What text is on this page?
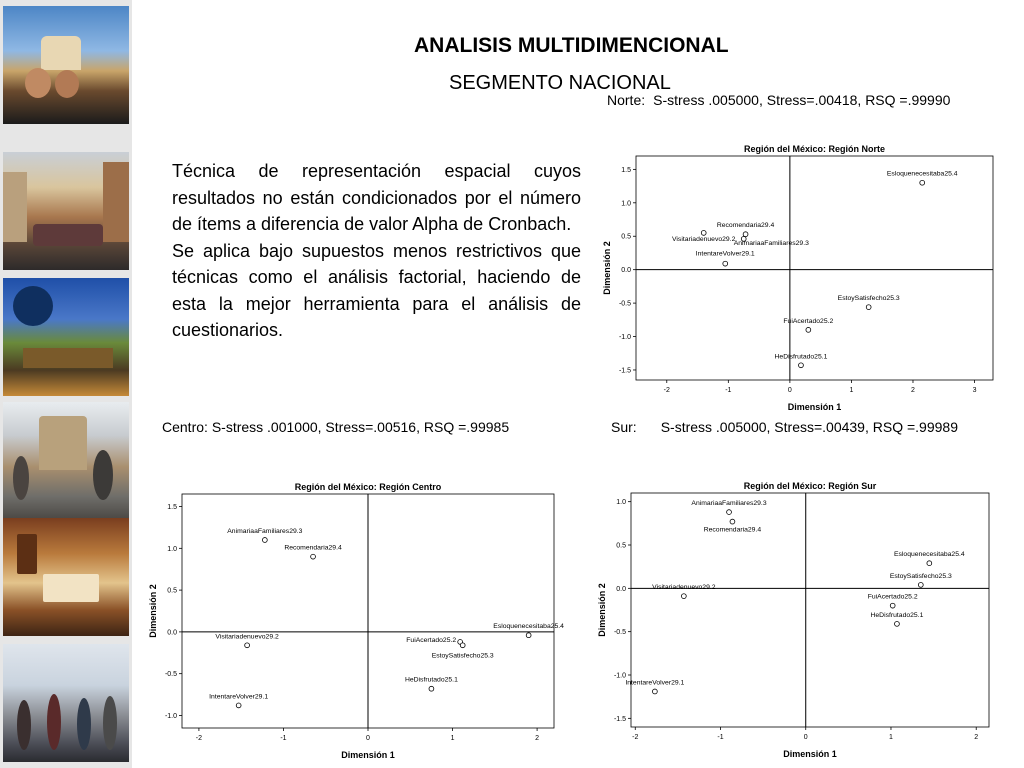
ANALISIS MULTIDIMENCIONAL
SEGMENTO NACIONAL

Técnica de representación espacial cuyos resultados no están condicionados por el número de ítems a diferencia de valor Alpha de Cronbach.

Se aplica bajo supuestos menos restrictivos que técnicas como el análisis factorial, haciendo de esta la mejor herramienta para el análisis de cuestionarios.

Norte: S-stress .005000, Stress=.00418, RSQ =.99990
Centro: S-stress .001000, Stress=.00516, RSQ =.99985	Sur: S-stress .005000, Stress=.00439, RSQ =.99989
Región del México: Región Norte
-2	-1	0	1	2	3
1.5
1.0
0.5
0.0
-0.5
-1.0
-1.5
Dimensión 1
Dimensión 2
Esloquenecesitaba25.4
Recomendaria29.4
Visitariadenuevo29.2
AnimariaaFamiliares29.3
IntentareVolver29.1
EstoySatisfecho25.3
FuiAcertado25.2
HeDisfrutado25.1
Región del México: Región Centro
-2	-1	0	1	2
1.5
1.0
0.5
0.0
-0.5
-1.0
Dimensión 1
Dimensión 2
AnimariaaFamiliares29.3
Recomendaria29.4
Visitariadenuevo29.2
IntentareVolver29.1
Esloquenecesitaba25.4
FuiAcertado25.2
EstoySatisfecho25.3
HeDisfrutado25.1
Región del México: Región Sur
-2	-1	0	1	2
1.0
0.5
0.0
-0.5
-1.0
-1.5
Dimensión 1
Dimensión 2
AnimariaaFamiliares29.3
Recomendaria29.4
Esloquenecesitaba25.4
EstoySatisfecho25.3
Visitariadenuevo29.2
FuiAcertado25.2
HeDisfrutado25.1
IntentareVolver29.1
